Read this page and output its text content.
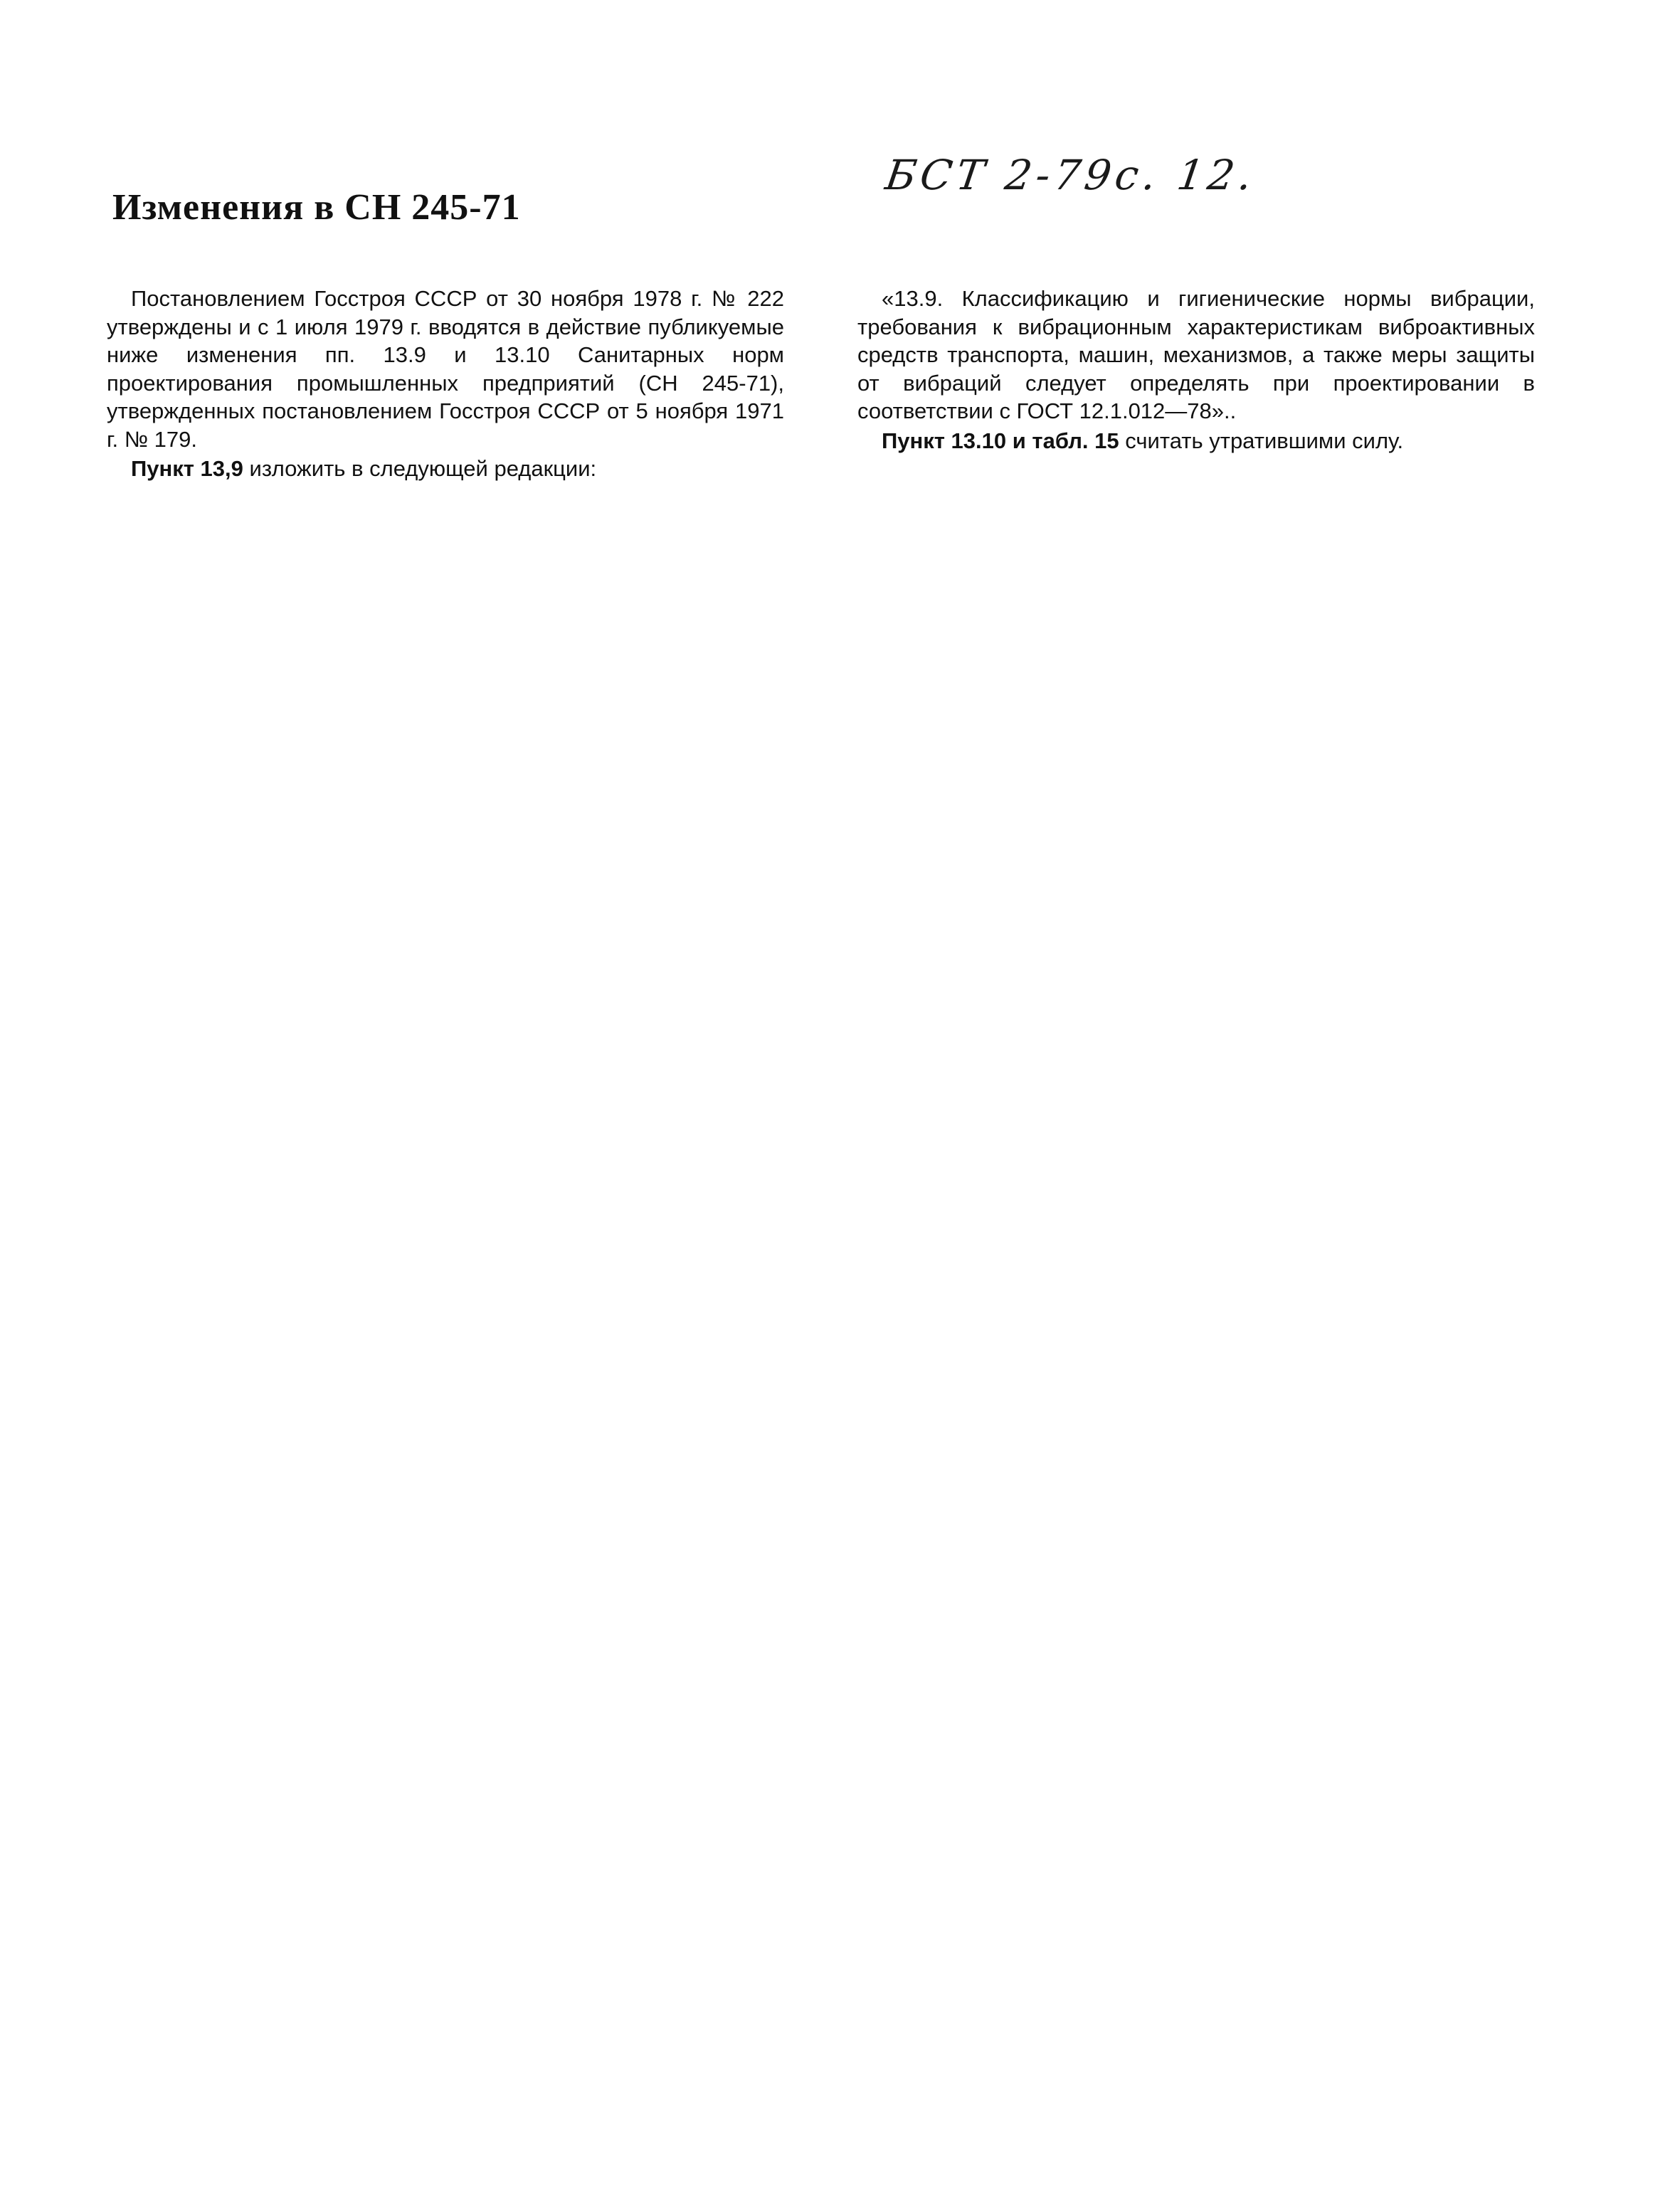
БСТ 2-79с. 12.
Изменения в СН 245-71

Постановлением Госстроя СССР от 30 ноября 1978 г. № 222 утверждены и с 1 июля 1979 г. вводятся в действие публикуемые ниже изменения пп. 13.9 и 13.10 Санитарных норм проектирования промышленных предприятий (СН 245-71), утвержденных постановлением Госстроя СССР от 5 ноября 1971 г. № 179.

Пункт 13,9 изложить в следующей редакции:

«13.9. Классификацию и гигиенические нормы вибрации, требования к вибрационным характеристикам виброактивных средств транспорта, машин, механизмов, а также меры защиты от вибраций следует определять при проектировании в соответствии с ГОСТ 12.1.012—78»..

Пункт 13.10 и табл. 15 считать утратившими силу.
